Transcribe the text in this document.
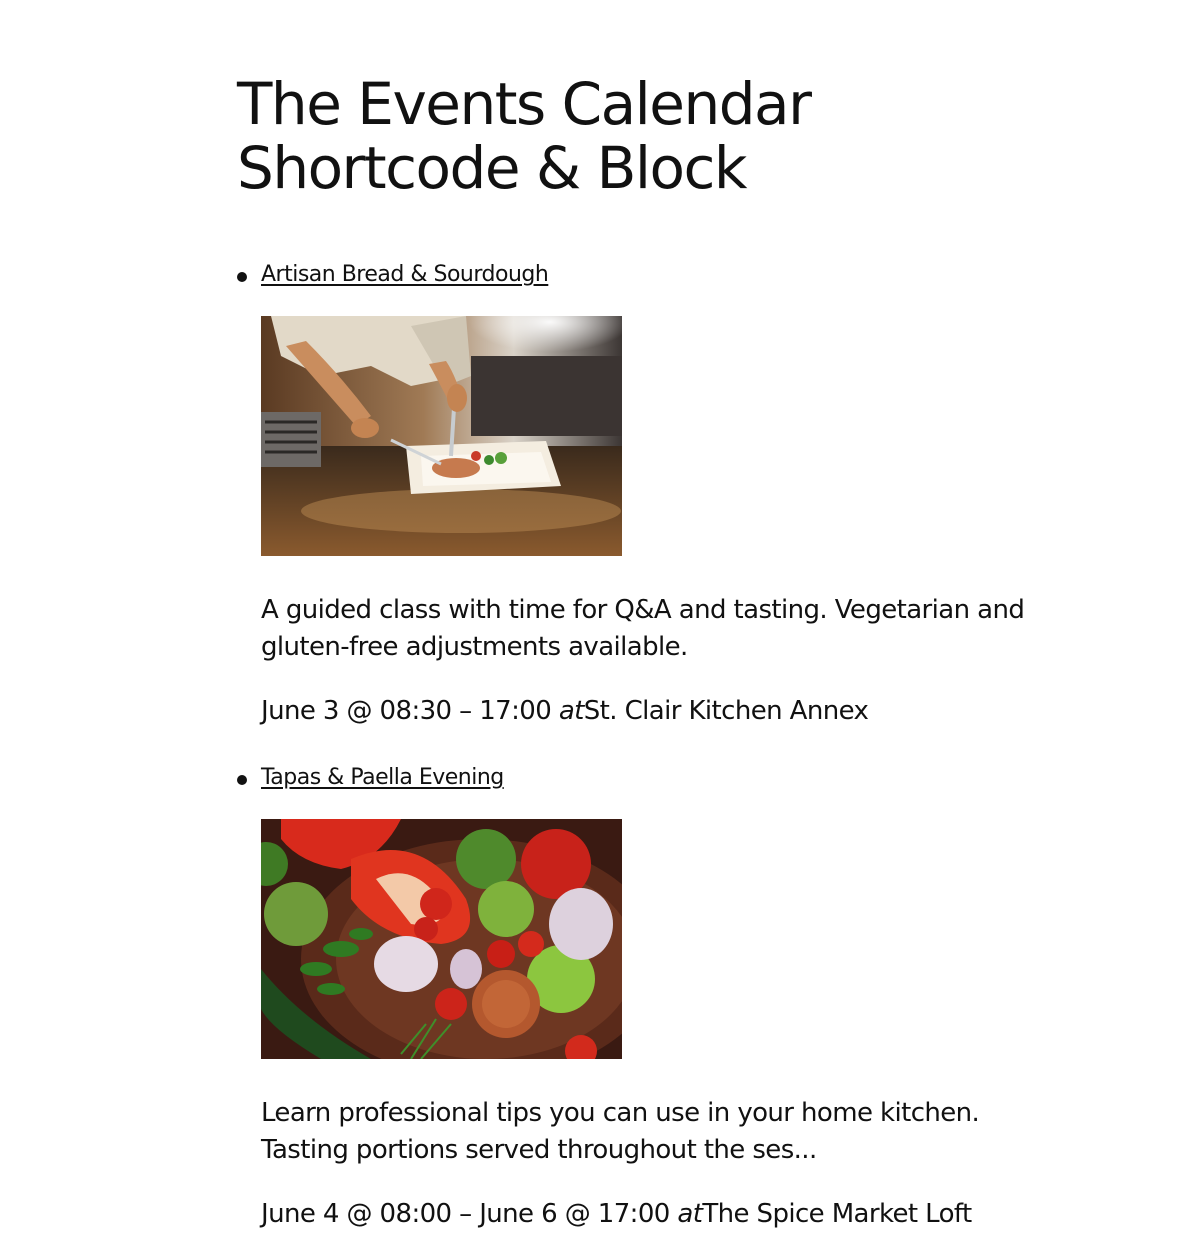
The Events Calendar
Shortcode & Block
Artisan Bread & Sourdough

A guided class with time for Q&A and tasting. Vegetarian and gluten-free adjustments available.

June 3 @ 08:30 – 17:00 atSt. Clair Kitchen Annex

Tapas & Paella Evening

Learn professional tips you can use in your home kitchen. Tasting portions served throughout the ses...

June 4 @ 08:00 – June 6 @ 17:00 atThe Spice Market Loft
